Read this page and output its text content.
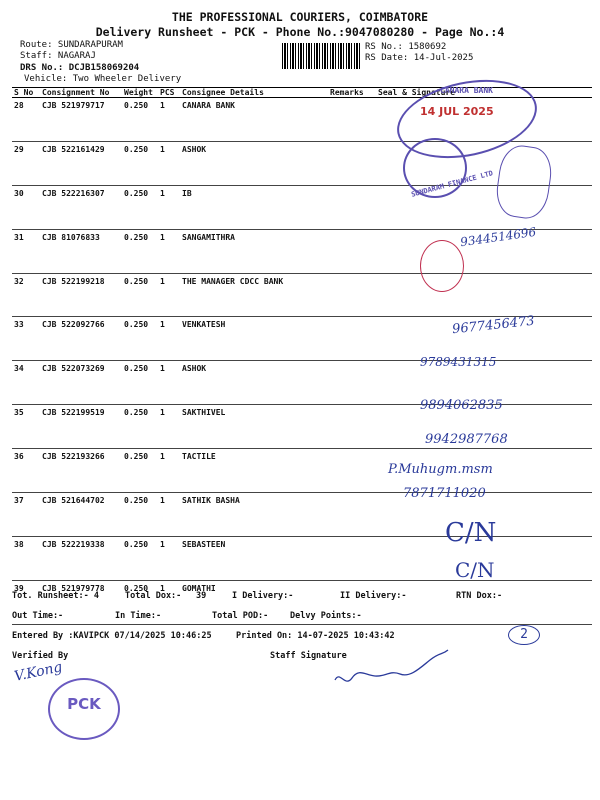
THE PROFESSIONAL COURIERS, COIMBATORE
Delivery Runsheet - PCK - Phone No.:9047080280 - Page No.:4
Route: SUNDARAPURAM
Staff: NAGARAJ
DRS No.: DCJB158069204
Vehicle: Two Wheeler Delivery
RS No.: 1580692
RS Date: 14-Jul-2025
S No	Consignment No	Weight	PCS	Consignee Details	Remarks	Seal & Signature
28	CJB 521979717	0.250	1	CANARA BANK		
29	CJB 522161429	0.250	1	ASHOK		
30	CJB 522216307	0.250	1	IB		
31	CJB 81076833	0.250	1	SANGAMITHRA		
32	CJB 522199218	0.250	1	THE MANAGER CDCC BANK		
33	CJB 522092766	0.250	1	VENKATESH		
34	CJB 522073269	0.250	1	ASHOK		
35	CJB 522199519	0.250	1	SAKTHIVEL		
36	CJB 522193266	0.250	1	TACTILE		
37	CJB 521644702	0.250	1	SATHIK BASHA		
38	CJB 522219338	0.250	1	SEBASTEEN		
39	CJB 521979778	0.250	1	GOMATHI		
CANARA BANK
14 JUL 2025
SUNDARAM FINANCE LTD
9344514696
9677456473
9789431315
9894062835
9942987768
P.Muhugm.msm
7871711020
C/N
C/N
Tot. Runsheet:- 4	Total Dox:- 39	I Delivery:-	II Delivery:-	RTN Dox:-
Out Time:-	In Time:-	Total POD:-	Delvy Points:-
Entered By :KAVIPCK 07/14/2025 10:46:25	Printed On: 14-07-2025 10:43:42	2
Verified By	Staff Signature
V.Kong
PCK
